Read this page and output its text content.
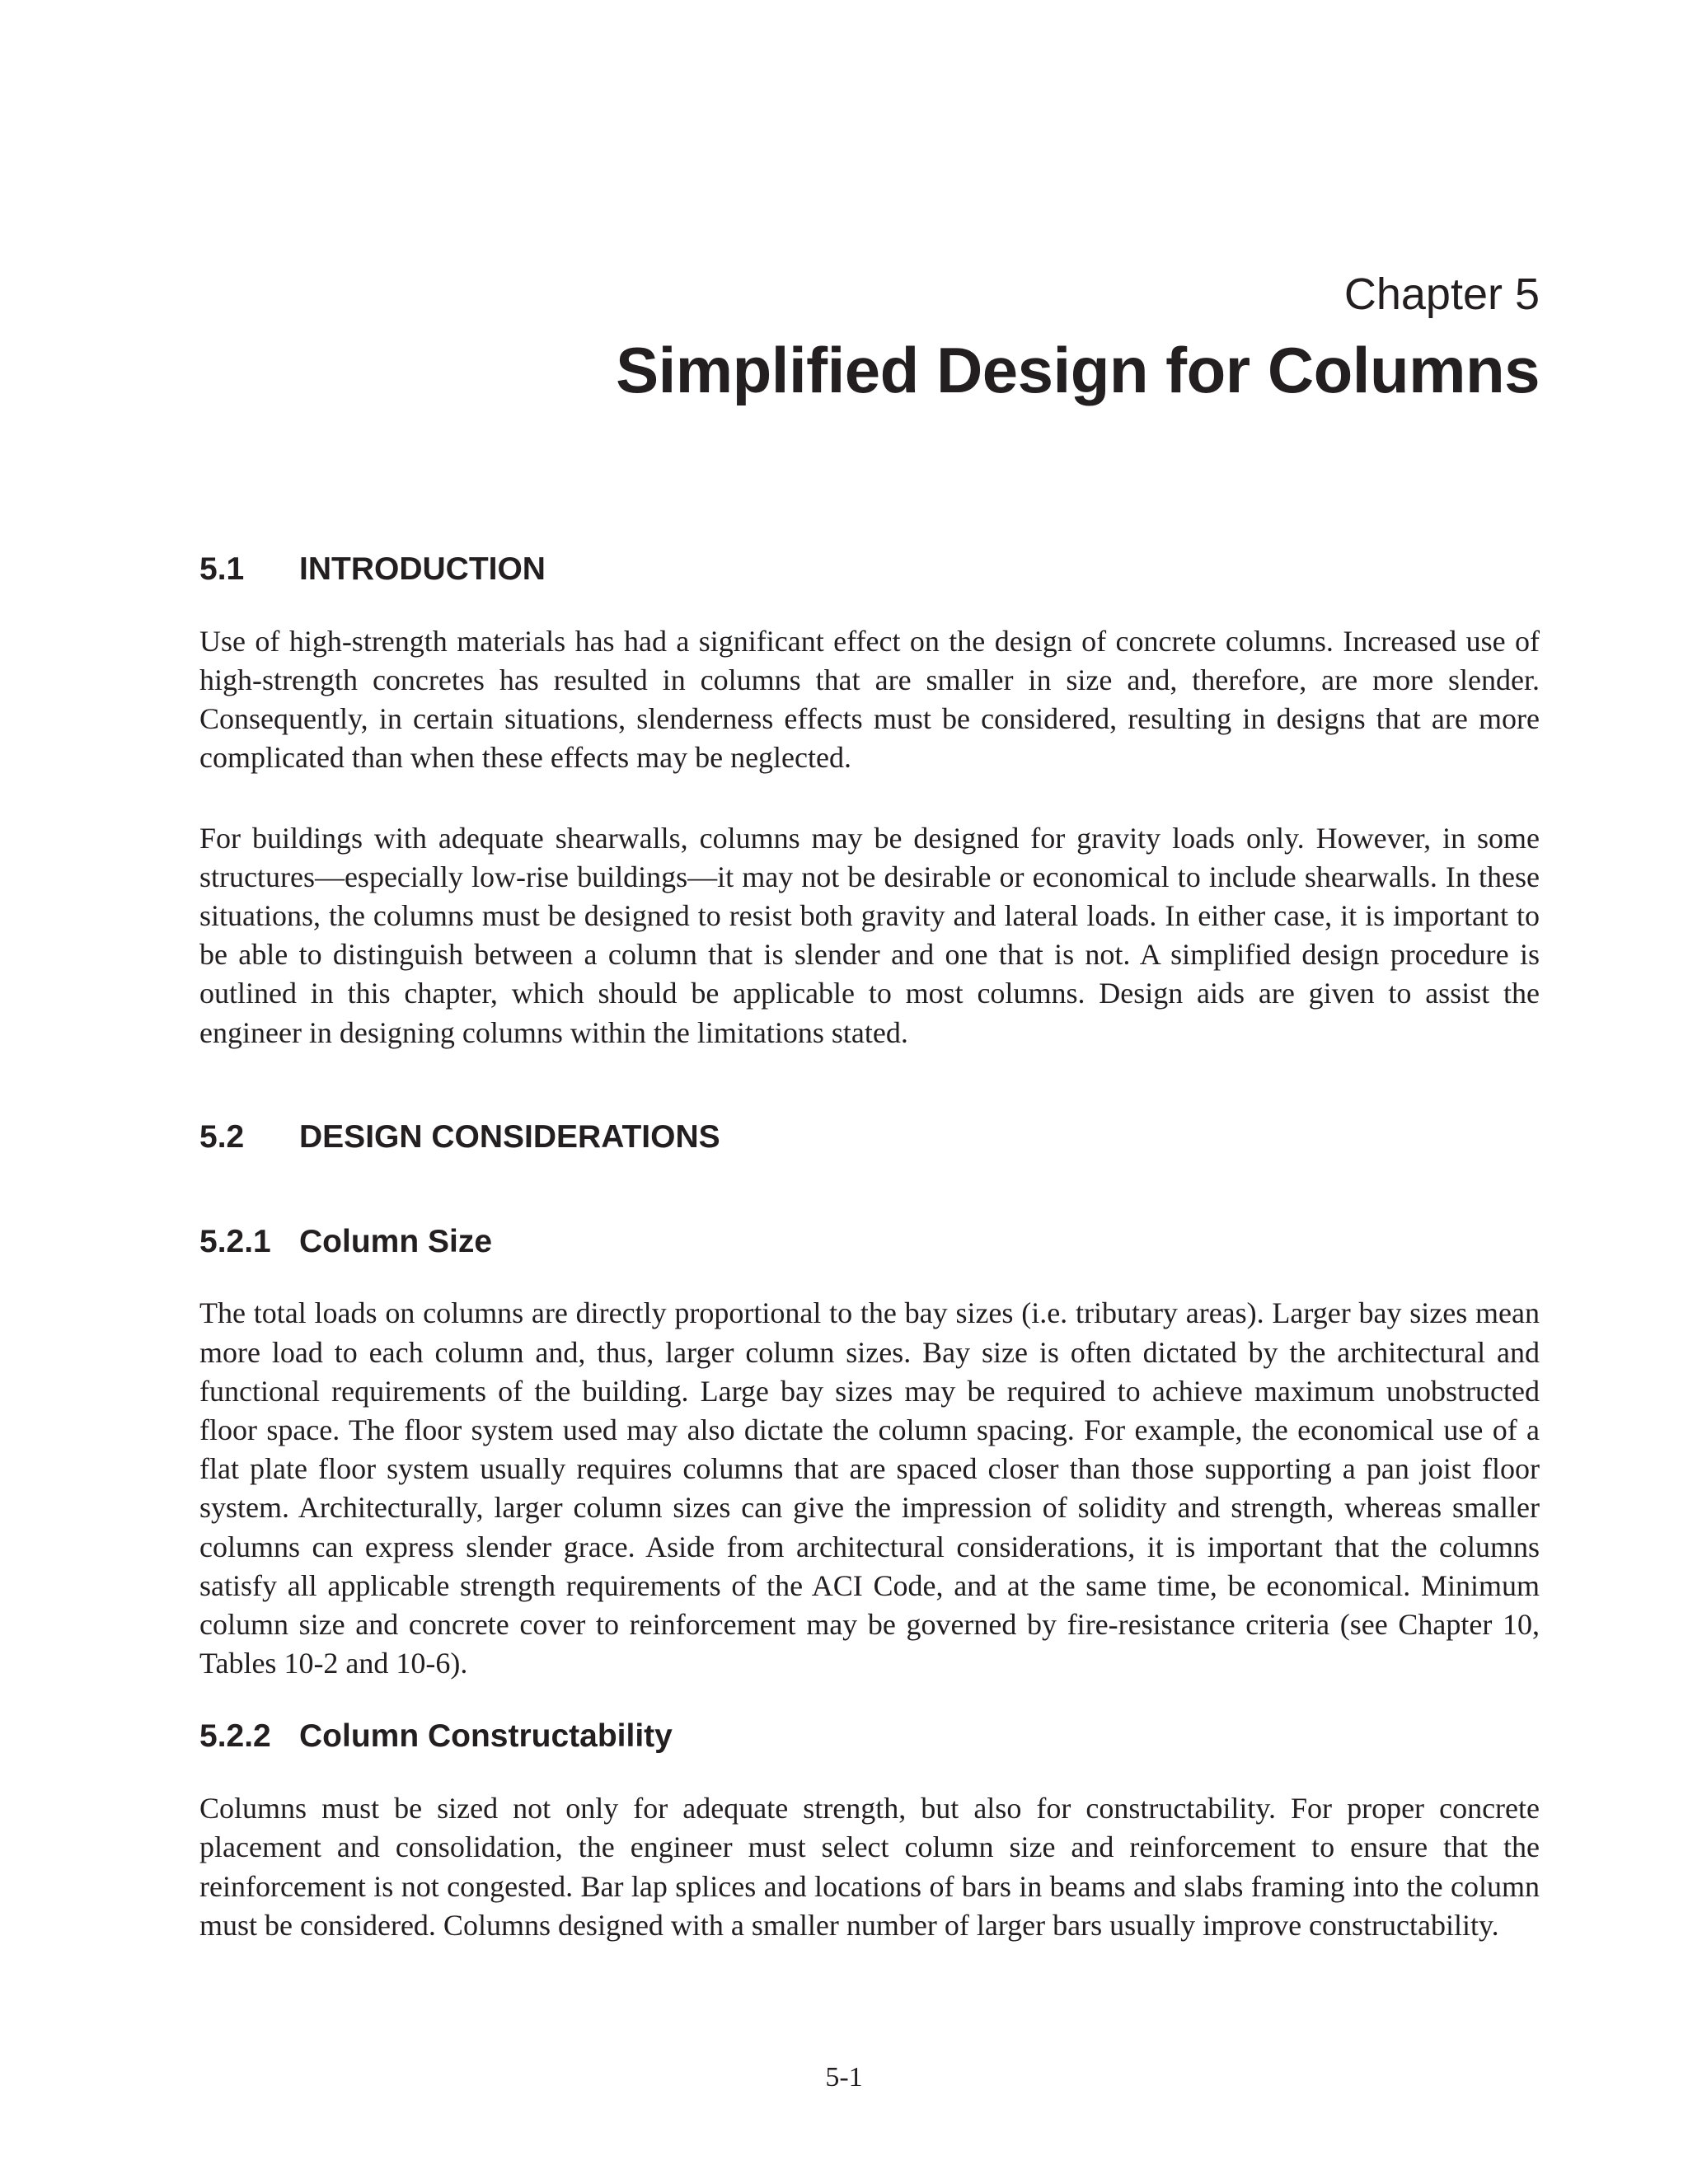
Chapter 5

Simplified Design for Columns
5.1 INTRODUCTION

Use of high-strength materials has had a significant effect on the design of concrete columns. Increased use of high-strength concretes has resulted in columns that are smaller in size and, therefore, are more slender. Consequently, in certain situations, slenderness effects must be considered, resulting in designs that are more complicated than when these effects may be neglected.

For buildings with adequate shearwalls, columns may be designed for gravity loads only. However, in some structures—especially low-rise buildings—it may not be desirable or economical to include shearwalls. In these situations, the columns must be designed to resist both gravity and lateral loads. In either case, it is important to be able to distinguish between a column that is slender and one that is not. A simplified design procedure is outlined in this chapter, which should be applicable to most columns. Design aids are given to assist the engineer in designing columns within the limitations stated.

5.2 DESIGN CONSIDERATIONS
5.2.1 Column Size

The total loads on columns are directly proportional to the bay sizes (i.e. tributary areas). Larger bay sizes mean more load to each column and, thus, larger column sizes. Bay size is often dictated by the architectural and functional requirements of the building. Large bay sizes may be required to achieve maximum unobstructed floor space. The floor system used may also dictate the column spacing. For example, the economical use of a flat plate floor system usually requires columns that are spaced closer than those supporting a pan joist floor system. Architecturally, larger column sizes can give the impression of solidity and strength, whereas smaller columns can express slender grace. Aside from architectural considerations, it is important that the columns satisfy all applicable strength requirements of the ACI Code, and at the same time, be economical. Minimum column size and concrete cover to reinforcement may be governed by fire-resistance criteria (see Chapter 10, Tables 10-2 and 10-6).

5.2.2 Column Constructability

Columns must be sized not only for adequate strength, but also for constructability. For proper concrete placement and consolidation, the engineer must select column size and reinforcement to ensure that the reinforcement is not congested. Bar lap splices and locations of bars in beams and slabs framing into the column must be considered. Columns designed with a smaller number of larger bars usually improve constructability.

5-1
